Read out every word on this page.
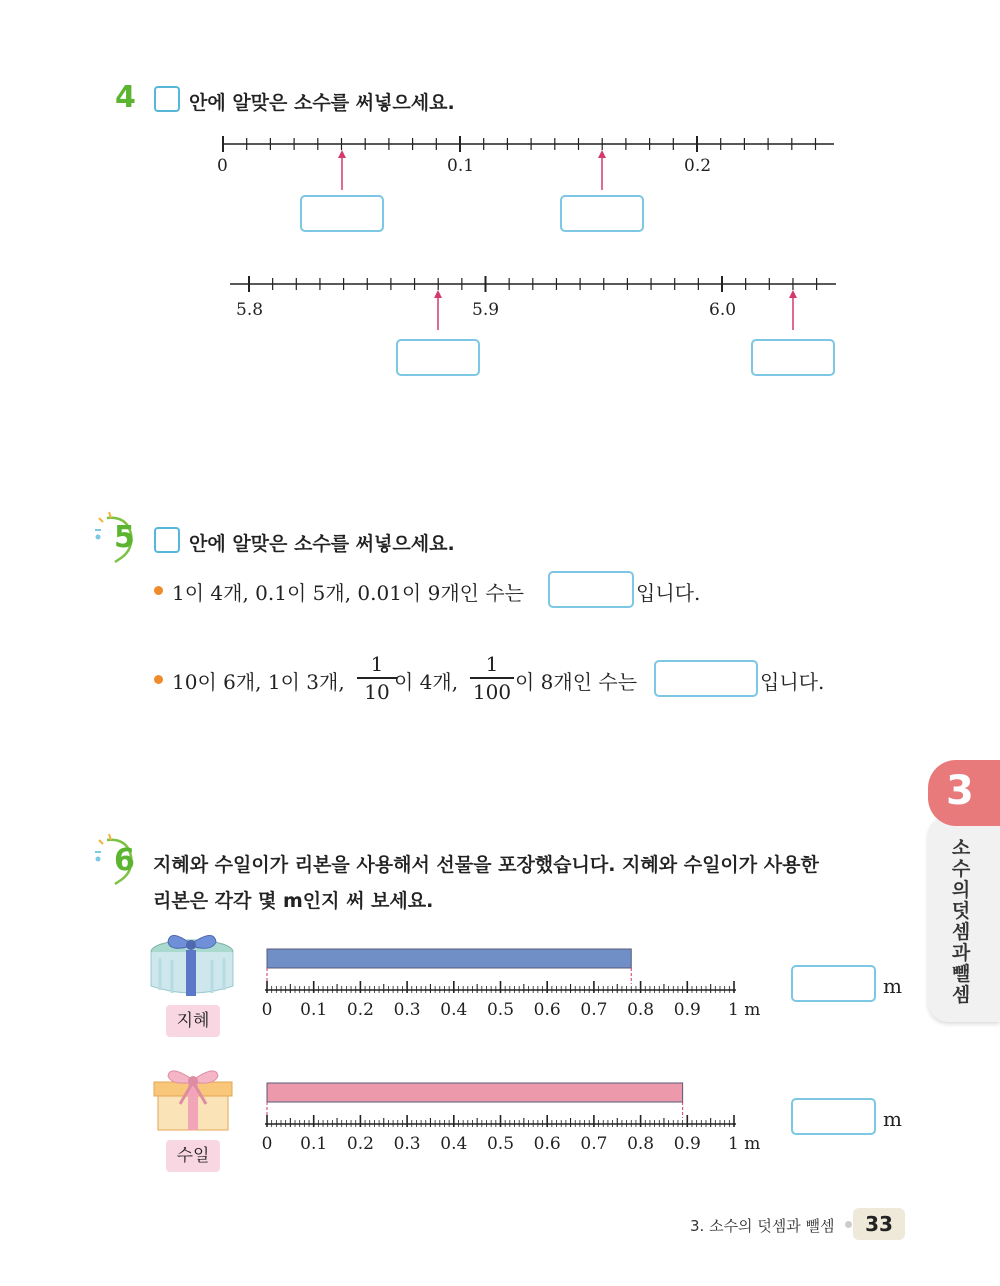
4	안에 알맞은 소수를 써넣으세요.
0	0.1	0.2
5.8	5.9	6.0
5	안에 알맞은 소수를 써넣으세요.
1이 4개, 0.1이 5개, 0.01이 9개인 수는	입니다.
10이 6개, 1이 3개,
1
10 이 4개,
1
100 이 8개인 수는	입니다.
6 지혜와 수일이가 리본을 사용해서 선물을 포장했습니다. 지혜와 수일이가 사용한
리본은 각각 몇 m인지 써 보세요.
지혜
0 0.1 0.2 0.3 0.4 0.5 0.6 0.7 0.8 0.9 1 m
m
수일
0 0.1 0.2 0.3 0.4 0.5 0.6 0.7 0.8 0.9 1 m
m
3
소수의 덧셈과 뺄셈
3. 소수의 덧셈과 뺄셈	33
